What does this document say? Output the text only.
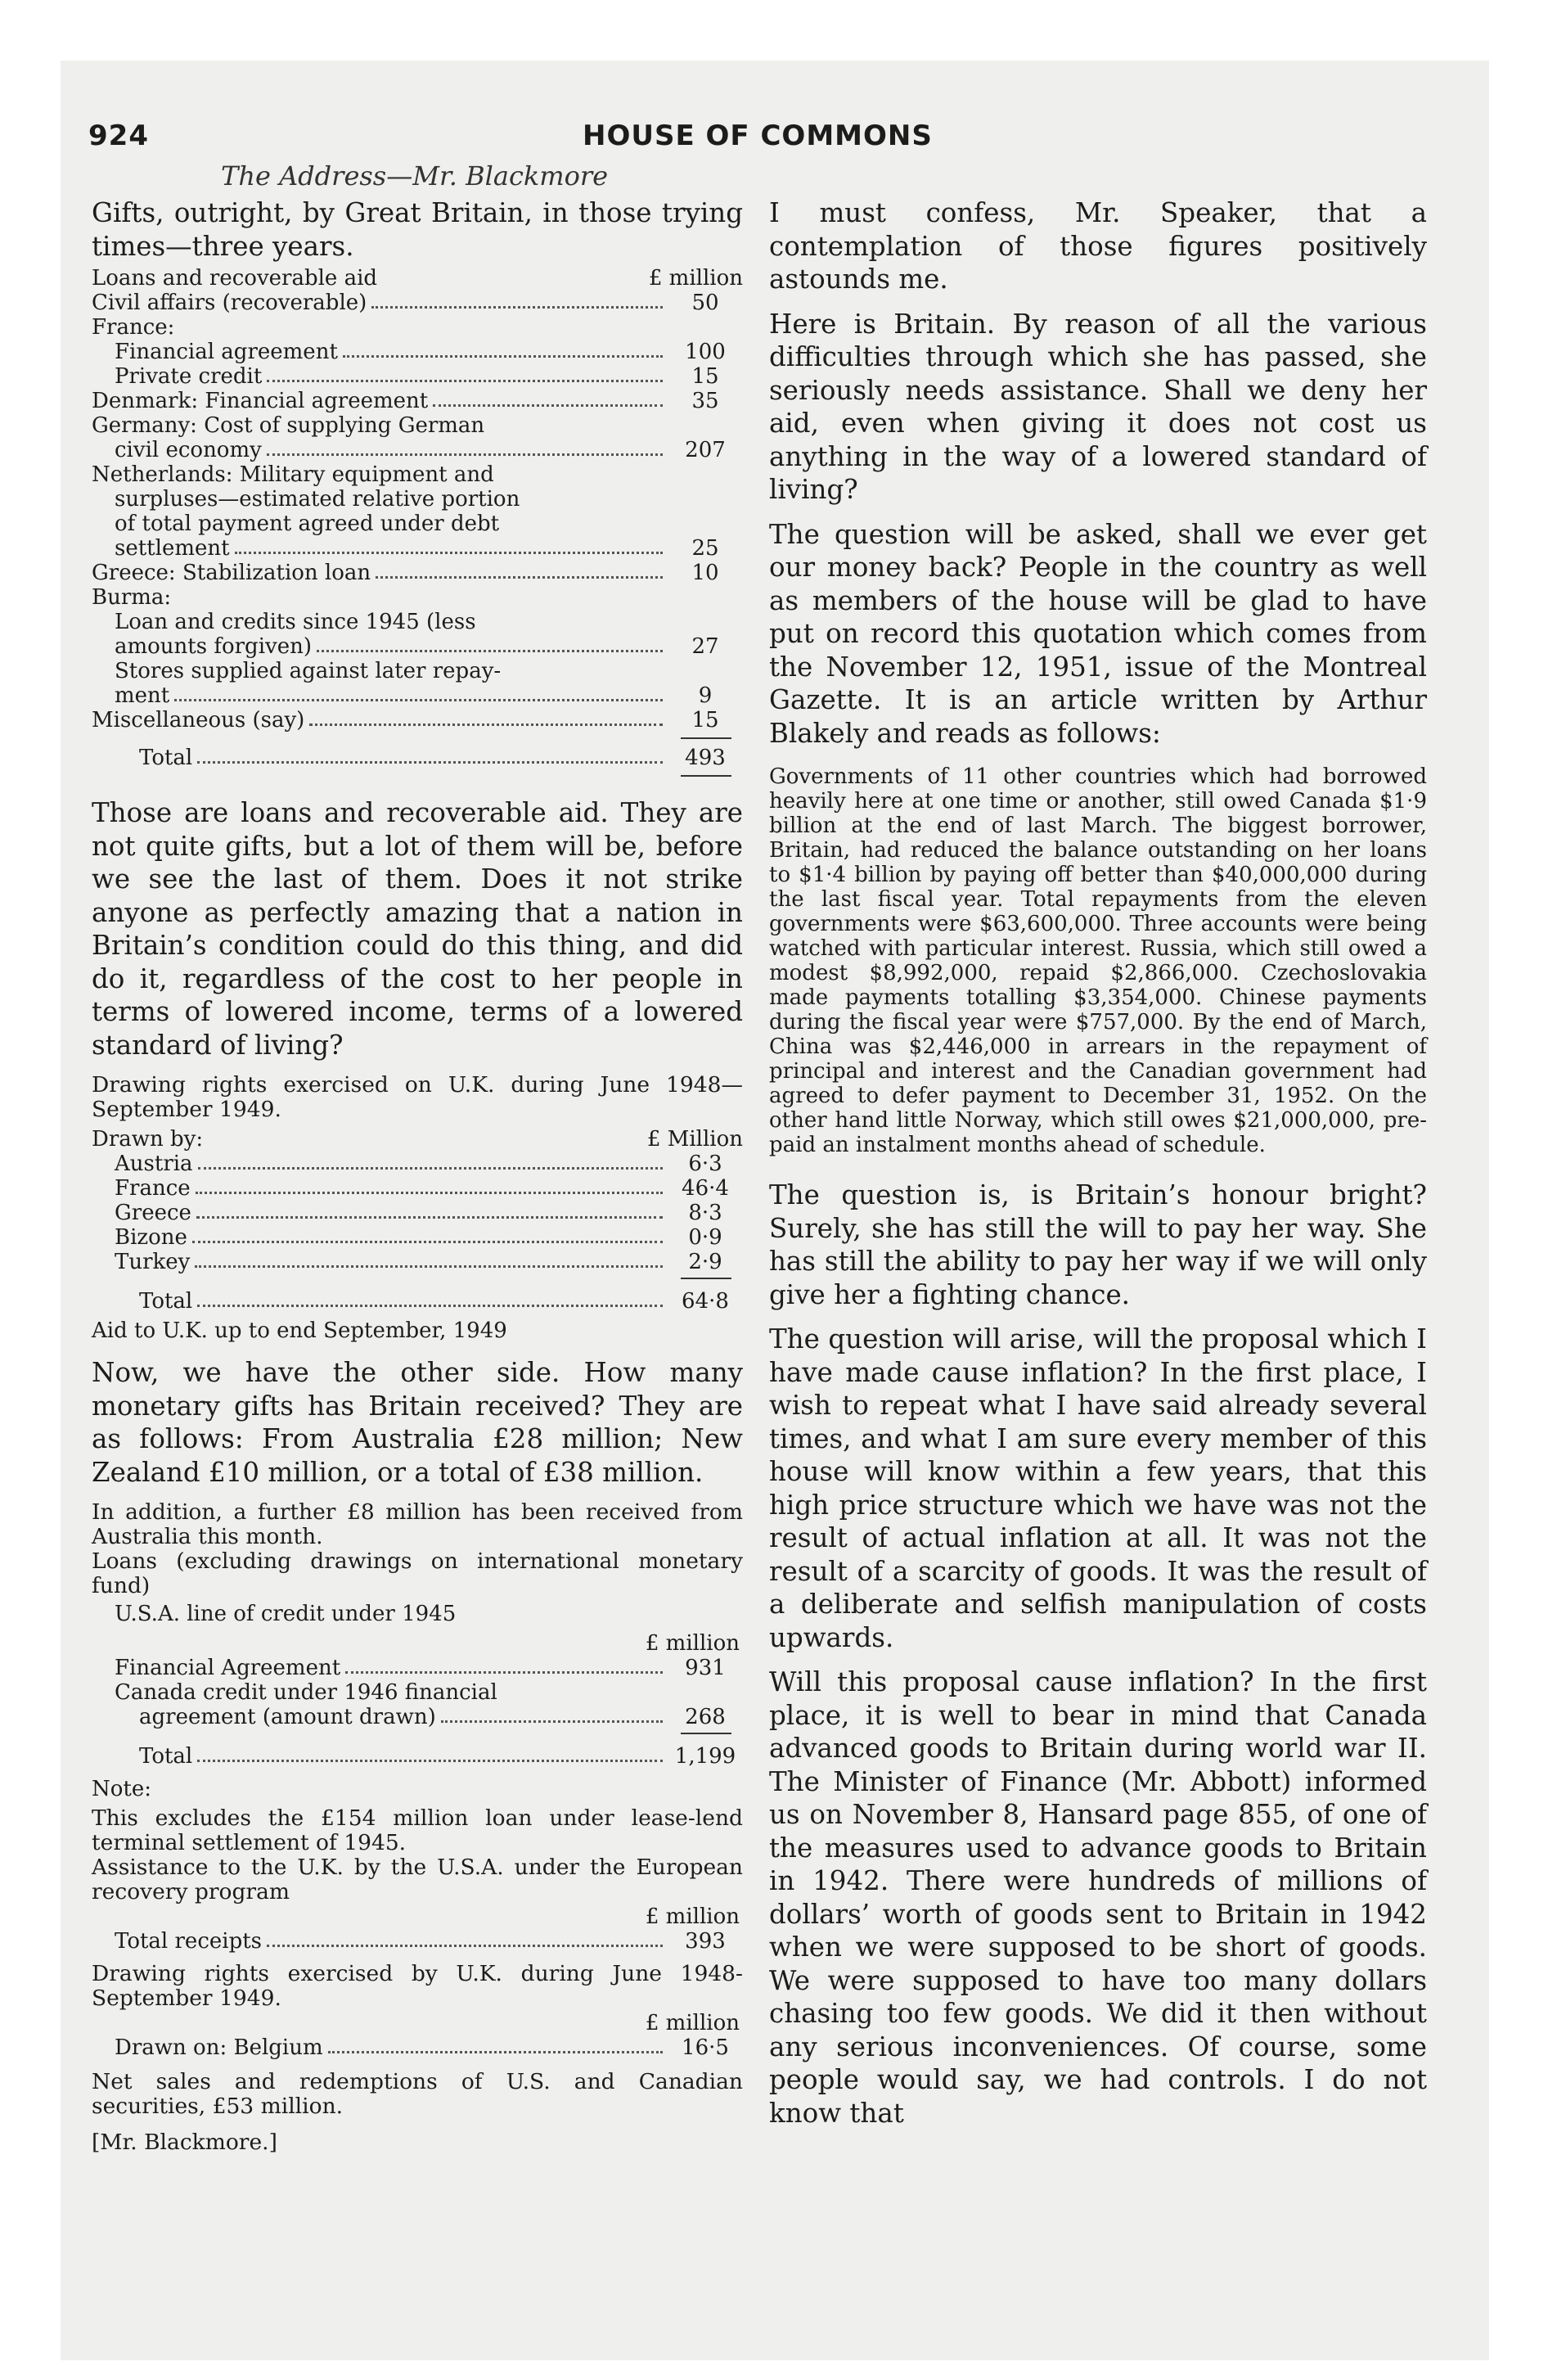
924	HOUSE OF COMMONS
The Address—Mr. Blackmore

Gifts, outright, by Great Britain, in those trying times—three years.

Loans and recoverable aid	£ million
Civil affairs (recoverable)	50
France:
Financial agreement	100
Private credit	15
Denmark: Financial agreement	35
Germany: Cost of supplying German
civil economy	207
Netherlands: Military equipment and
surpluses—estimated relative portion
of total payment agreed under debt
settlement	25
Greece: Stabilization loan	10
Burma:
Loan and credits since 1945 (less
amounts forgiven)	27
Stores supplied against later repay-
ment	9
Miscellaneous (say)	15
Total	493

Those are loans and recoverable aid. They are not quite gifts, but a lot of them will be, before we see the last of them. Does it not strike anyone as perfectly amazing that a nation in Britain’s condition could do this thing, and did do it, regardless of the cost to her people in terms of lowered income, terms of a lowered standard of living?

Drawing rights exercised on U.K. during June 1948—September 1949.

Drawn by:	£ Million
Austria	6·3
France	46·4
Greece	8·3
Bizone	0·9
Turkey	2·9
Total	64·8
Aid to U.K. up to end September, 1949

Now, we have the other side. How many monetary gifts has Britain received? They are as follows: From Australia £28 million; New Zealand £10 million, or a total of £38 million.

In addition, a further £8 million has been received from Australia this month.

Loans (excluding drawings on international monetary fund)

U.S.A. line of credit under 1945
£ million
Financial Agreement	931
Canada credit under 1946 financial
agreement (amount drawn)	268
Total	1,199
Note:

This excludes the £154 million loan under lease-lend terminal settlement of 1945.

Assistance to the U.K. by the U.S.A. under the European recovery program

£ million
Total receipts	393

Drawing rights exercised by U.K. during June 1948-September 1949.

£ million
Drawn on: Belgium	16·5

Net sales and redemptions of U.S. and Canadian securities, £53 million.

[Mr. Blackmore.]

I must confess, Mr. Speaker, that a contemplation of those figures positively astounds me.

Here is Britain. By reason of all the various difficulties through which she has passed, she seriously needs assistance. Shall we deny her aid, even when giving it does not cost us anything in the way of a lowered standard of living?

The question will be asked, shall we ever get our money back? People in the country as well as members of the house will be glad to have put on record this quotation which comes from the November 12, 1951, issue of the Montreal Gazette. It is an article written by Arthur Blakely and reads as follows:

Governments of 11 other countries which had borrowed heavily here at one time or another, still owed Canada $1·9 billion at the end of last March. The biggest borrower, Britain, had reduced the balance outstanding on her loans to $1·4 billion by paying off better than $40,000,000 during the last fiscal year. Total repayments from the eleven governments were $63,600,000. Three accounts were being watched with particular interest. Russia, which still owed a modest $8,992,000, repaid $2,866,000. Czechoslovakia made payments totalling $3,354,000. Chinese payments during the fiscal year were $757,000. By the end of March, China was $2,446,000 in arrears in the repayment of principal and interest and the Canadian government had agreed to defer payment to December 31, 1952. On the other hand little Norway, which still owes $21,000,000, pre-paid an instalment months ahead of schedule.

The question is, is Britain’s honour bright? Surely, she has still the will to pay her way. She has still the ability to pay her way if we will only give her a fighting chance.

The question will arise, will the proposal which I have made cause inflation? In the first place, I wish to repeat what I have said already several times, and what I am sure every member of this house will know within a few years, that this high price structure which we have was not the result of actual inflation at all. It was not the result of a scarcity of goods. It was the result of a deliberate and selfish manipulation of costs upwards.

Will this proposal cause inflation? In the first place, it is well to bear in mind that Canada advanced goods to Britain during world war II. The Minister of Finance (Mr. Abbott) informed us on November 8, Hansard page 855, of one of the measures used to advance goods to Britain in 1942. There were hundreds of millions of dollars’ worth of goods sent to Britain in 1942 when we were supposed to be short of goods. We were supposed to have too many dollars chasing too few goods. We did it then without any serious inconveniences. Of course, some people would say, we had controls. I do not know that
